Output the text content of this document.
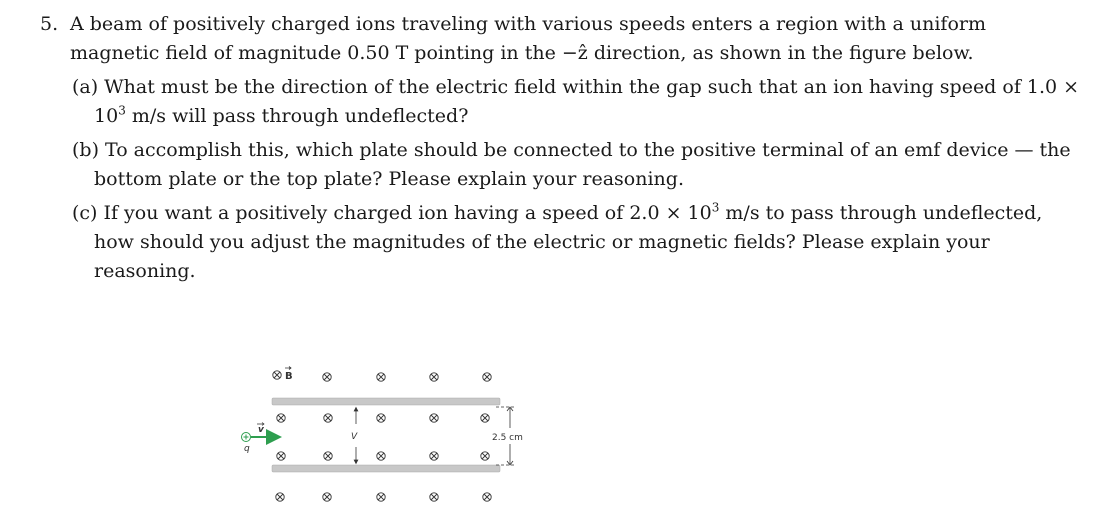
5. A beam of positively charged ions traveling with various speeds enters a region with a uniform magnetic field of magnitude 0.50 T pointing in the −ẑ direction, as shown in the figure below.
(a) What must be the direction of the electric field within the gap such that an ion having speed of $1.0 \times 10^3$ m/s will pass through undeflected?
(b) To accomplish this, which plate should be connected to the positive terminal of an emf device — the bottom plate or the top plate? Please explain your reasoning.
(c) If you want a positively charged ion having a speed of $2.0 \times 10^3$ m/s to pass through undeflected, how should you adjust the magnitudes of the electric or magnetic fields? Please explain your reasoning.
B
q
v
V	2.5 cm
